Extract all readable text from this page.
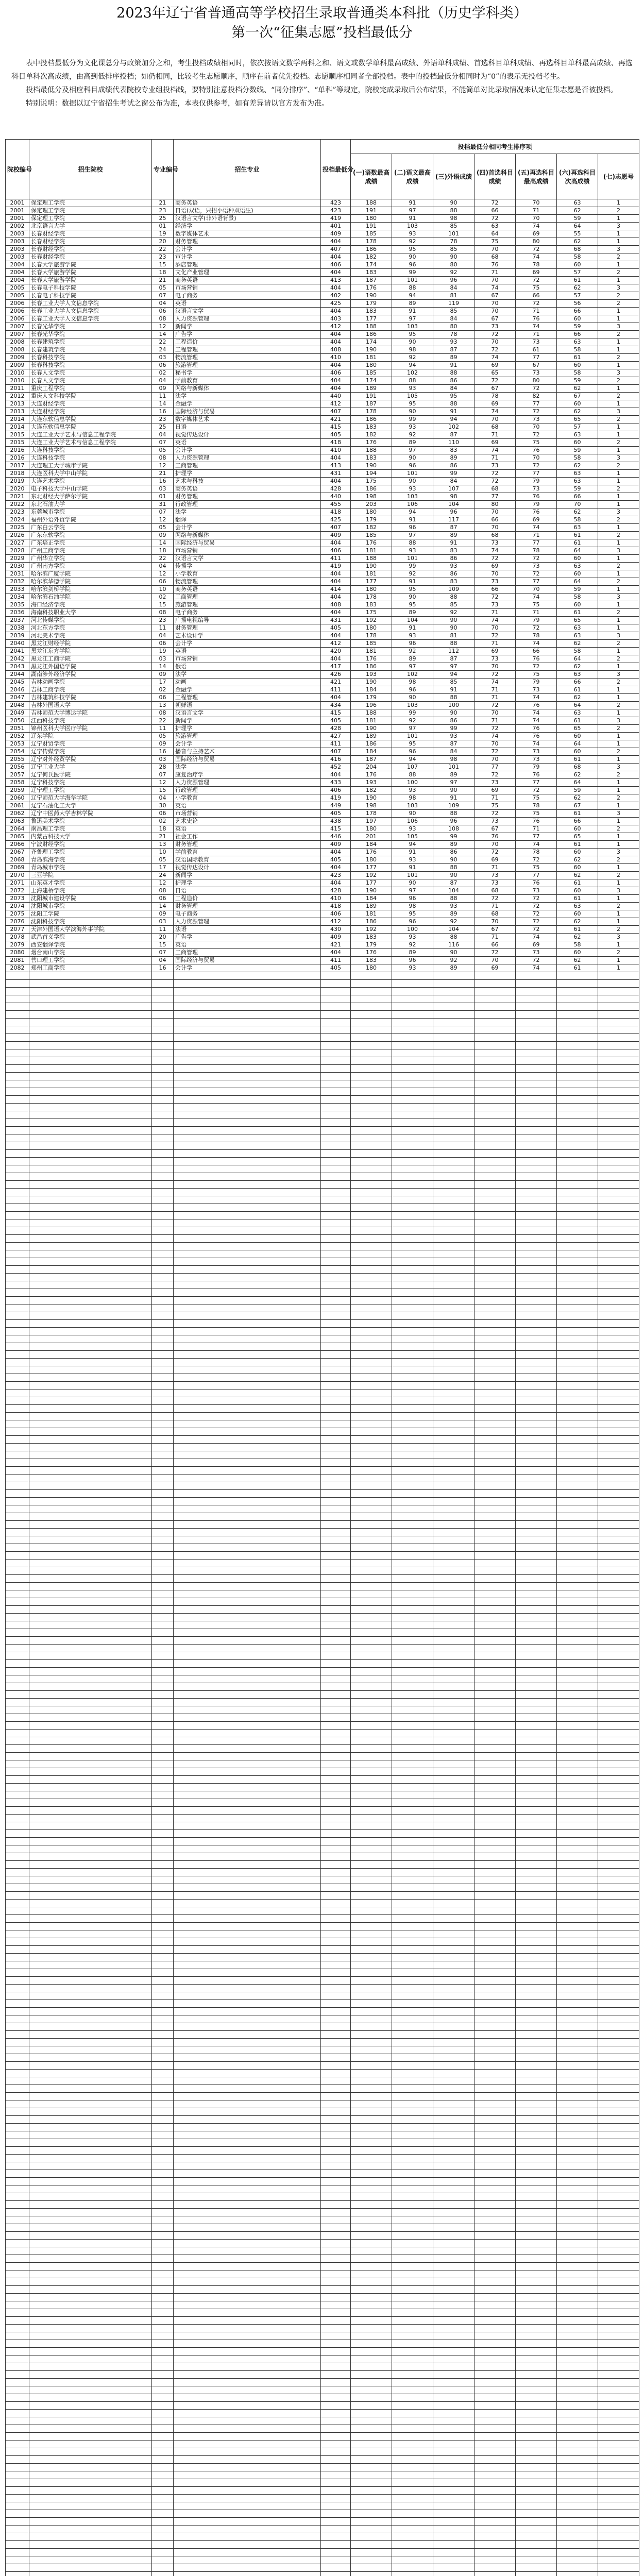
2023年辽宁省普通高等学校招生录取普通类本科批（历史学科类）
第一次“征集志愿”投档最低分

表中投档最低分为文化课总分与政策加分之和，考生投档成绩相同时，依次按语文数学两科之和、语文或数学单科最高成绩、外语单科成绩、首选科目单科成绩、再选科目单科最高成绩、再选科目单科次高成绩，由高到低排序投档；如仍相同，比较考生志愿顺序，顺序在前者优先投档。志愿顺序相同者全部投档。表中的投档最低分相同时为“0”的表示无投档考生。

投档最低分及相应科目成绩代表院校专业组投档线，要特别注意投档分数线、“同分排序”、“单科”等规定，院校完成录取后公布结果，不能简单对比录取情况来认定征集志愿是否被投档。

特别说明：数据以辽宁省招生考试之窗公布为准，本表仅供参考，如有差异请以官方发布为准。

院校编号	招生院校	专业编号	招生专业	投档最低分	投档最低分相同考生排序项						
					(一)语数最高成绩	(二)语文最高成绩	(三)外语成绩	(四)首选科目成绩	(五)再选科目最高成绩	(六)再选科目次高成绩	(七)志愿号
2001	保定理工学院	21	商务英语	423	188	91	90	72	70	63	1
2001	保定理工学院	23	日语(双语，只招小语种双语生)	423	191	97	88	66	71	62	2
2001	保定理工学院	25	汉语言文学(非外语背景)	419	180	91	98	72	70	59	1
2002	北京语言大学	01	经济学	401	191	103	85	63	74	64	3
2003	长春财经学院	19	数字媒体艺术	409	185	93	101	64	69	55	1
2003	长春财经学院	20	财务管理	404	178	92	78	75	80	62	1
2003	长春财经学院	22	会计学	407	186	95	85	70	72	68	3
2003	长春财经学院	23	审计学	404	182	90	90	68	74	58	2
2004	长春大学旅游学院	15	酒店管理	406	174	96	80	76	78	60	1
2004	长春大学旅游学院	18	文化产业管理	404	183	99	92	71	69	57	2
2004	长春大学旅游学院	21	商务英语	413	187	101	96	70	72	61	1
2005	长春电子科技学院	05	市场营销	404	176	88	84	74	75	62	3
2005	长春电子科技学院	07	电子商务	402	190	94	81	67	66	57	2
2006	长春工业大学人文信息学院	04	英语	425	179	89	119	70	72	56	2
2006	长春工业大学人文信息学院	06	汉语言文学	404	183	91	85	70	71	66	1
2006	长春工业大学人文信息学院	08	人力资源管理	403	177	97	84	67	76	60	1
2007	长春光华学院	12	新闻学	412	188	103	80	73	74	59	3
2007	长春光华学院	14	广告学	404	186	95	78	72	71	66	2
2008	长春建筑学院	22	工程造价	404	174	90	93	70	73	63	1
2008	长春建筑学院	24	工程管理	408	190	98	87	72	61	58	1
2009	长春科技学院	03	物流管理	410	181	92	89	74	77	61	2
2009	长春科技学院	06	旅游管理	404	180	94	91	69	67	60	1
2010	长春人文学院	02	秘书学	406	185	102	88	65	73	58	3
2010	长春人文学院	04	学前教育	404	174	88	86	72	80	59	2
2011	重庆工程学院	09	网络与新媒体	404	189	93	84	67	72	62	1
2012	重庆人文科技学院	11	法学	440	191	105	95	78	82	67	2
2013	大连财经学院	14	金融学	412	187	95	88	69	77	60	1
2013	大连财经学院	16	国际经济与贸易	407	178	90	91	74	72	62	3
2014	大连东软信息学院	23	数字媒体艺术	421	186	99	94	70	73	65	2
2014	大连东软信息学院	25	日语	415	183	93	102	68	70	57	1
2015	大连工业大学艺术与信息工程学院	04	视觉传达设计	405	182	92	87	71	72	63	1
2015	大连工业大学艺术与信息工程学院	07	英语	418	176	89	110	69	75	60	2
2016	大连科技学院	05	会计学	410	188	97	83	74	76	59	1
2016	大连科技学院	08	人力资源管理	404	183	90	89	71	70	58	3
2017	大连理工大学城市学院	12	工商管理	413	190	96	86	73	72	62	2
2018	大连医科大学中山学院	21	护理学	431	194	101	99	72	77	63	1
2019	大连艺术学院	16	艺术与科技	404	175	90	84	72	79	63	1
2020	电子科技大学中山学院	03	商务英语	428	186	93	107	68	73	59	2
2021	东北财经大学萨尔学院	01	财务管理	440	198	103	98	77	76	66	1
2022	东北石油大学	31	行政管理	455	203	106	104	80	79	70	1
2023	东莞城市学院	07	法学	418	180	94	96	70	76	62	3
2024	福州外语外贸学院	12	翻译	425	179	91	117	66	69	58	2
2025	广东白云学院	05	会计学	407	182	96	87	70	74	63	1
2026	广东东软学院	09	网络与新媒体	409	185	97	89	68	71	61	2
2027	广东培正学院	14	国际经济与贸易	404	176	88	91	73	77	61	1
2028	广州工商学院	18	市场营销	406	181	93	83	74	78	64	3
2029	广州华立学院	22	汉语言文学	411	188	101	86	72	72	60	1
2030	广州南方学院	04	传播学	419	190	99	93	69	73	63	2
2031	哈尔滨广厦学院	12	小学教育	404	181	92	86	70	72	60	1
2032	哈尔滨华德学院	06	物流管理	404	177	91	83	73	77	64	2
2033	哈尔滨剑桥学院	10	商务英语	414	180	95	109	66	70	59	1
2034	哈尔滨石油学院	02	工商管理	404	178	90	88	72	74	58	3
2035	海口经济学院	15	旅游管理	408	183	95	85	73	75	60	1
2036	海南科技职业大学	08	电子商务	404	175	89	92	71	71	61	2
2037	河北传媒学院	23	广播电视编导	431	192	104	90	74	79	65	1
2038	河北东方学院	11	财务管理	405	180	91	90	70	72	63	1
2039	河北美术学院	04	艺术设计学	404	178	93	81	72	78	63	3
2040	黑龙江财经学院	06	会计学	412	185	96	88	71	74	62	2
2041	黑龙江东方学院	19	英语	420	181	92	112	69	66	58	1
2042	黑龙江工商学院	03	市场营销	404	176	89	87	73	76	64	2
2043	黑龙江外国语学院	14	俄语	417	186	97	97	70	72	62	1
2044	湖南涉外经济学院	09	法学	426	193	102	94	72	75	63	3
2045	吉林动画学院	17	动画	421	190	98	85	74	79	66	2
2046	吉林工商学院	02	金融学	411	184	96	91	71	73	61	1
2047	吉林建筑科技学院	06	工程管理	404	179	90	88	71	74	62	1
2048	吉林外国语大学	13	朝鲜语	434	196	103	100	72	76	64	2
2049	吉林师范大学博达学院	08	汉语言文学	415	188	99	90	70	74	63	1
2050	江西科技学院	22	新闻学	405	181	92	86	71	74	61	3
2051	锦州医科大学医疗学院	11	护理学	428	190	97	99	72	76	65	2
2052	辽东学院	05	旅游管理	427	189	101	93	74	76	60	1
2053	辽宁财贸学院	09	会计学	411	186	95	87	70	74	64	1
2054	辽宁传媒学院	16	播音与主持艺术	407	184	96	84	72	73	60	2
2055	辽宁对外经贸学院	03	国际经济与贸易	416	187	94	98	70	73	61	1
2056	辽宁工业大学	28	法学	452	204	107	101	77	79	68	3
2057	辽宁何氏医学院	07	康复治疗学	404	176	88	89	72	76	62	2
2058	辽宁科技学院	12	人力资源管理	433	193	100	97	73	77	64	1
2059	辽宁理工学院	15	行政管理	406	182	93	90	69	72	59	1
2060	辽宁师范大学海华学院	04	小学教育	419	190	98	91	71	75	62	2
2061	辽宁石油化工大学	30	英语	449	198	103	109	75	78	67	1
2062	辽宁中医药大学杏林学院	06	市场营销	405	178	90	88	72	75	61	3
2063	鲁迅美术学院	02	艺术史论	438	197	106	96	73	76	66	1
2064	南昌理工学院	18	英语	415	180	93	108	67	71	60	2
2065	内蒙古科技大学	21	社会工作	446	201	105	99	76	77	65	1
2066	宁波财经学院	13	财务管理	409	184	94	89	70	74	61	1
2067	齐鲁理工学院	10	学前教育	404	176	91	86	72	78	60	3
2068	青岛滨海学院	05	汉语国际教育	405	180	93	90	69	72	62	2
2069	青岛城市学院	17	视觉传达设计	404	177	91	88	71	75	60	1
2070	三亚学院	24	新闻学	423	192	101	90	73	77	62	2
2071	山东英才学院	12	护理学	404	177	90	87	73	76	61	1
2072	上海建桥学院	08	日语	428	190	97	104	68	73	60	3
2073	沈阳城市建设学院	06	工程造价	410	184	96	88	72	72	61	1
2074	沈阳城市学院	14	财务管理	418	189	98	93	71	72	63	2
2075	沈阳工学院	09	电子商务	406	181	95	89	68	72	60	1
2076	沈阳科技学院	03	人力资源管理	412	186	96	92	70	72	62	1
2077	天津外国语大学滨海外事学院	11	法语	430	192	100	104	67	72	61	2
2078	武昌首义学院	20	广告学	409	183	93	88	71	74	62	3
2079	西安翻译学院	15	英语	421	179	92	116	66	69	58	1
2080	烟台南山学院	07	工商管理	404	176	89	90	72	73	60	2
2081	营口理工学院	04	国际经济与贸易	411	183	96	92	70	72	62	1
2082	郑州工商学院	16	会计学	405	180	93	89	69	74	61	1
